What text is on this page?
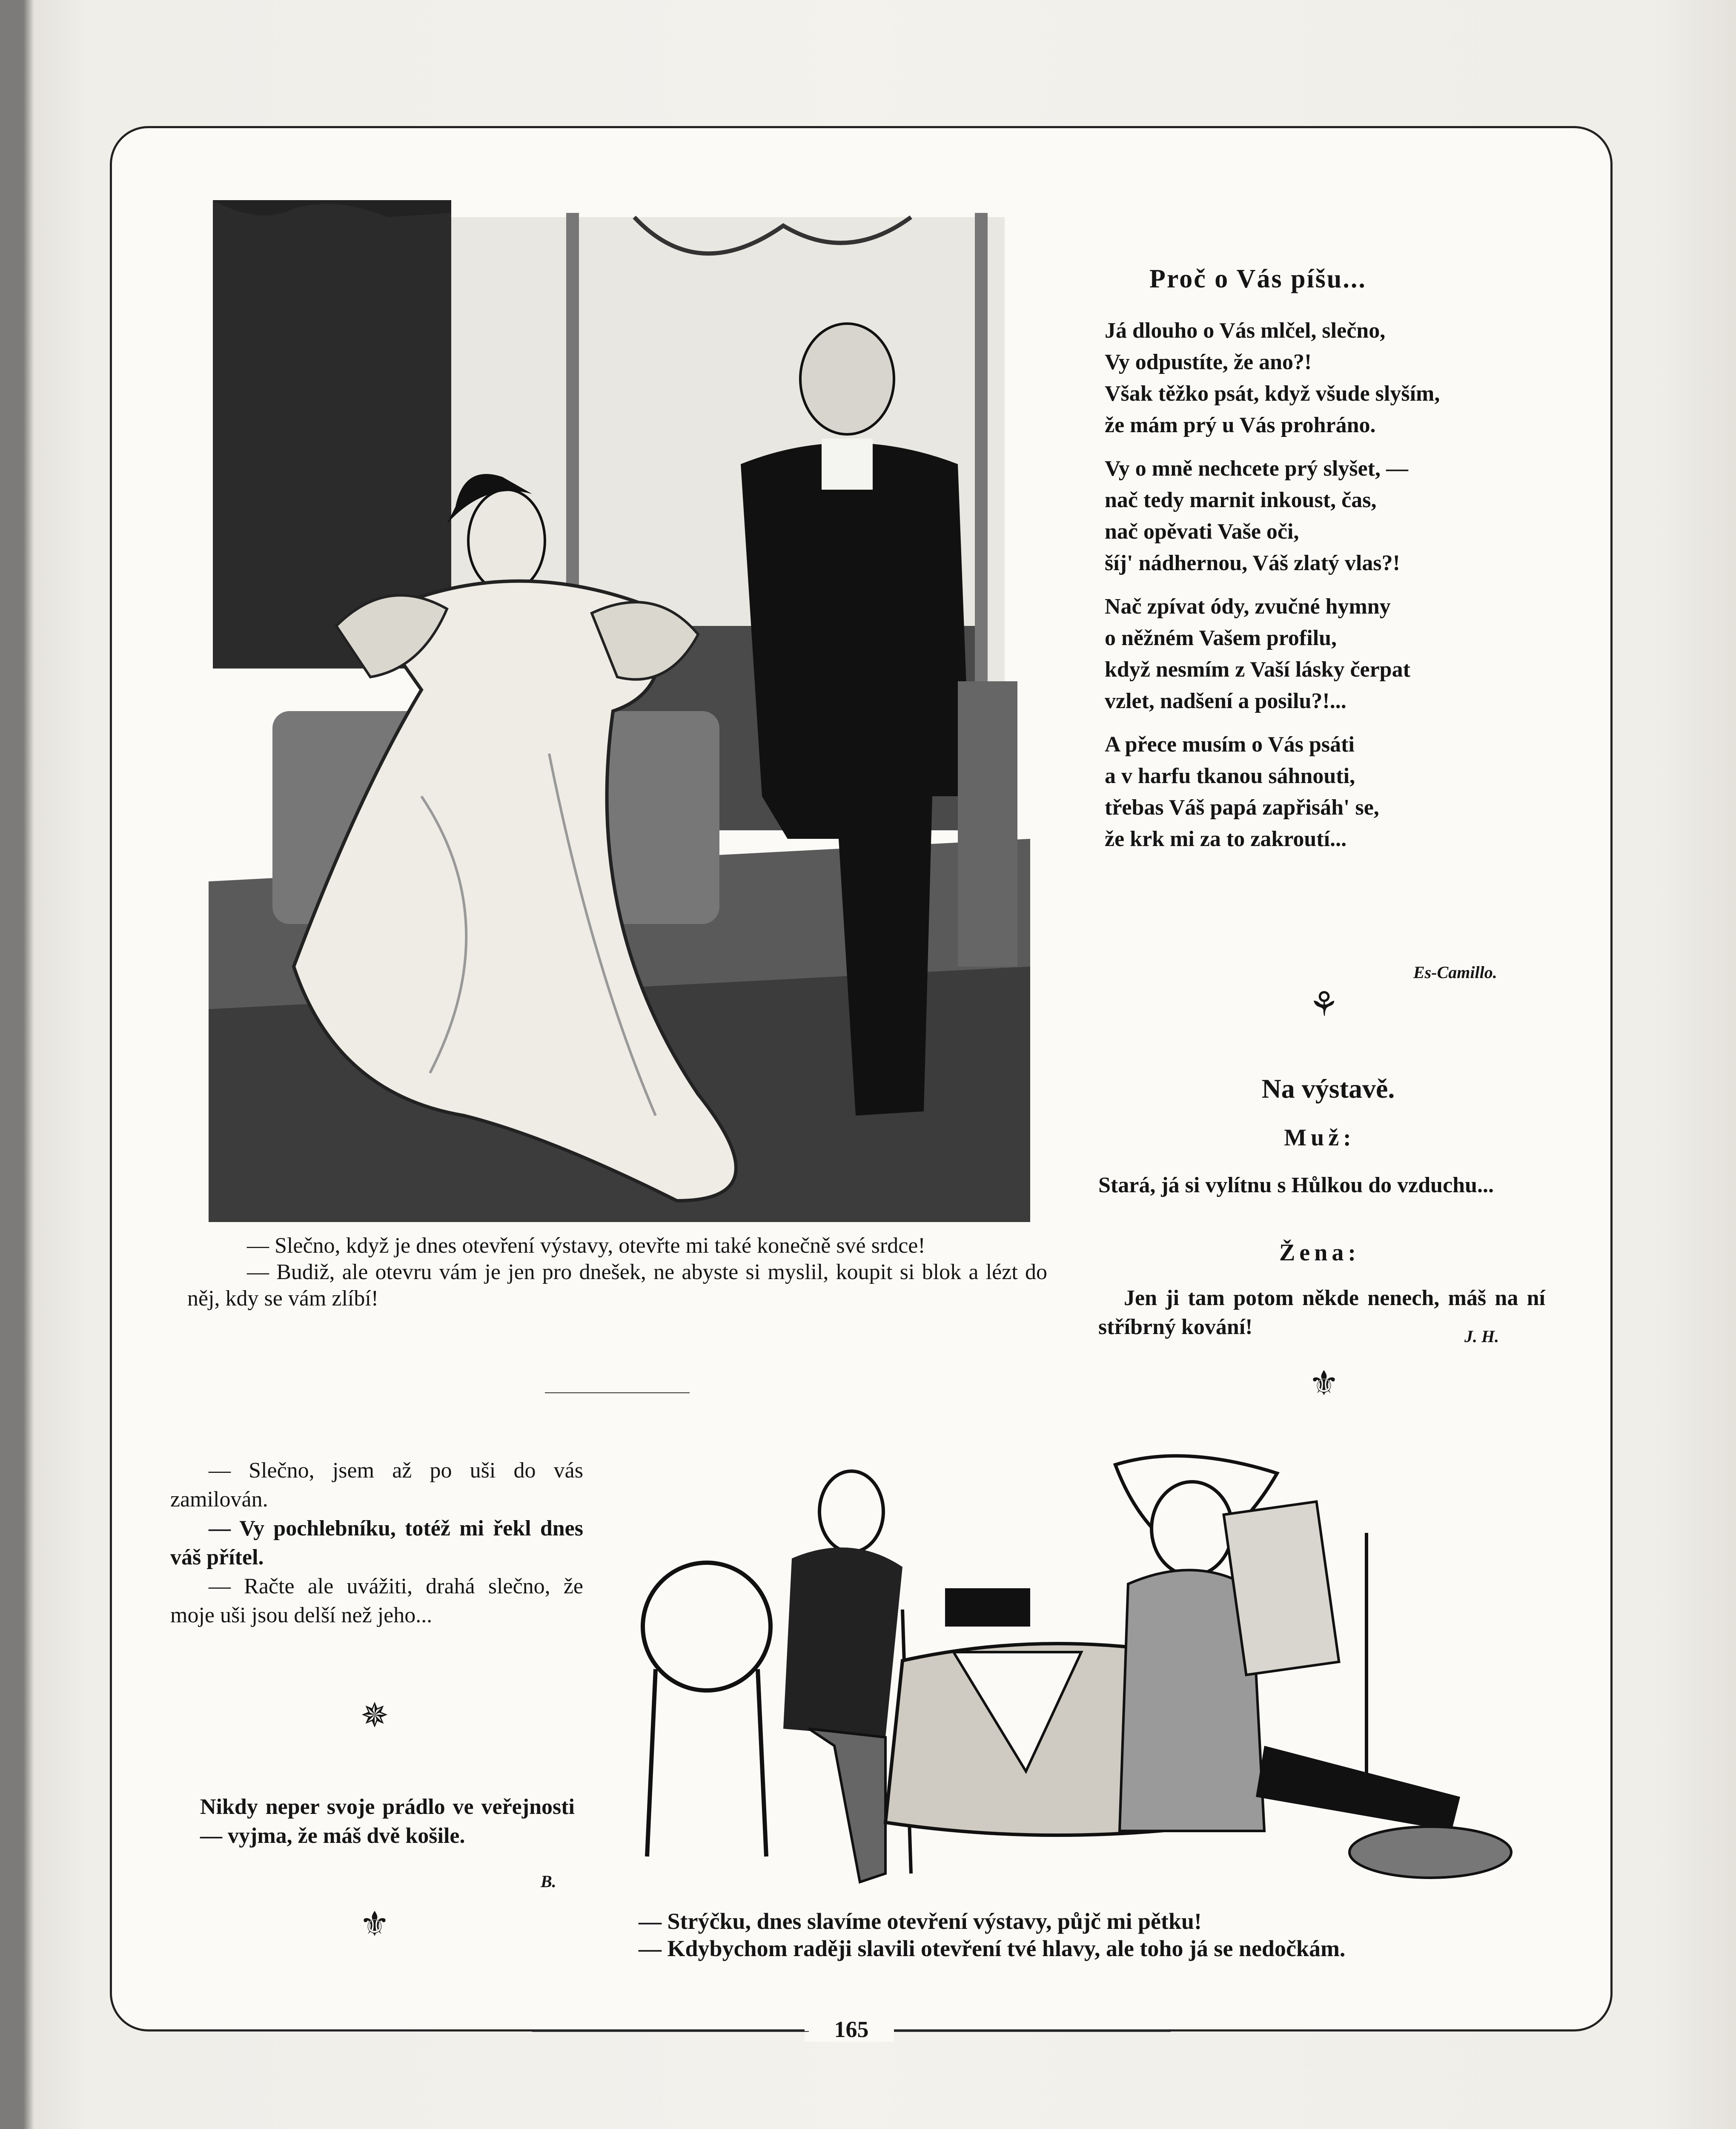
— Slečno, když je dnes otevření výstavy, otevřte mi také konečně své srdce!

— Budiž, ale otevru vám je jen pro dnešek, ne abyste si myslil, koupit si blok a lézt do něj, kdy se vám zlíbí!

Proč o Vás píšu...
Já dlouho o Vás mlčel, slečno,
Vy odpustíte, že ano?!
Však těžko psát, když všude slyším,
že mám prý u Vás prohráno.
Vy o mně nechcete prý slyšet, —
nač tedy marnit inkoust, čas,
nač opěvati Vaše oči,
šíj' nádhernou, Váš zlatý vlas?!
Nač zpívat ódy, zvučné hymny
o něžném Vašem profilu,
když nesmím z Vaší lásky čerpat
vzlet, nadšení a posilu?!...
A přece musím o Vás psáti
a v harfu tkanou sáhnouti,
třebas Váš papá zapřisáh' se,
že krk mi za to zakroutí...
Es-Camillo.
⚘
Na výstavě.
Muž:
Stará, já si vylítnu s Hůlkou do vzduchu...
Žena:
Jen ji tam potom někde nenech, máš na ní stříbrný kování!	J. H.
⚜

— Slečno, jsem až po uši do vás zamilován.

— Vy pochlebníku, totéž mi řekl dnes váš přítel.

— Račte ale uvážiti, drahá slečno, že moje uši jsou delší než jeho...

✵

Nikdy neper svoje prádlo ve veřejnosti — vyjma, že máš dvě košile.

B.
⚜	— Strýčku, dnes slavíme otevření výstavy, půjč mi pětku!

— Kdybychom raději slavili otevření tvé hlavy, ale toho já se nedočkám.

165
